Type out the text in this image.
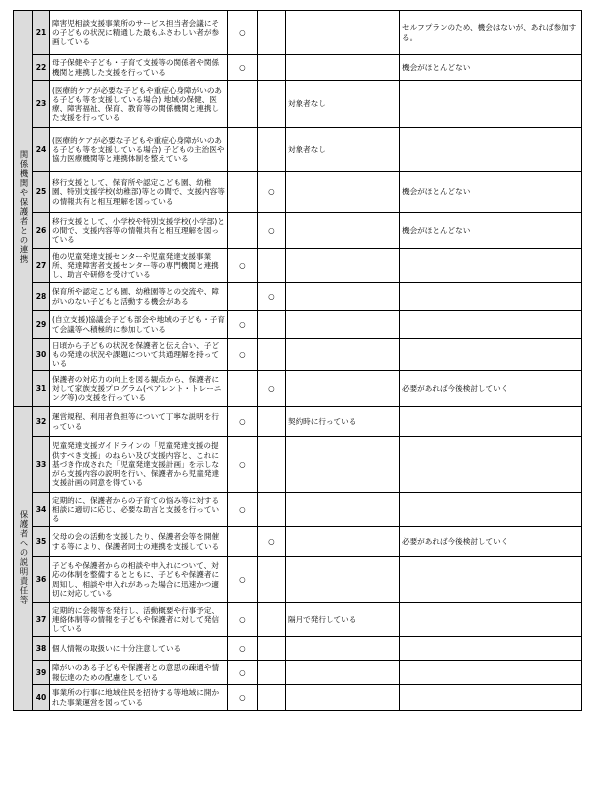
関係機関や保護者との連携	21	障害児相談支援事業所のサービス担当者会議にその子どもの状況に精通した最もふさわしい者が参画している	○			セルフプランのため、機会はないが、あれば参加する。
	22	母子保健や子ども・子育て支援等の関係者や関係機関と連携した支援を行っている	○			機会がほとんどない
	23	(医療的ケアが必要な子どもや重症心身障がいのある子ども等を支援している場合) 地域の保健、医療、障害福祉、保育、教育等の関係機関と連携した支援を行っている			対象者なし	
	24	(医療的ケアが必要な子どもや重症心身障がいのある子ども等を支援している場合) 子どもの主治医や協力医療機関等と連携体制を整えている			対象者なし	
	25	移行支援として、保育所や認定こども園、幼稚園、特別支援学校(幼稚部)等との間で、支援内容等の情報共有と相互理解を図っている		○		機会がほとんどない
	26	移行支援として、小学校や特別支援学校(小学部)との間で、支援内容等の情報共有と相互理解を図っている		○		機会がほとんどない
	27	他の児童発達支援センターや児童発達支援事業所、発達障害者支援センター等の専門機関と連携し、助言や研修を受けている	○			
	28	保育所や認定こども園、幼稚園等との交流や、障がいのない子どもと活動する機会がある		○		
	29	(自立支援)協議会子ども部会や地域の子ども・子育て会議等へ積極的に参加している	○			
	30	日頃から子どもの状況を保護者と伝え合い、子どもの発達の状況や課題について共通理解を持っている	○			
	31	保護者の対応力の向上を図る観点から、保護者に対して家族支援プログラム(ペアレント・トレーニング等)の支援を行っている		○		必要があれば今後検討していく
保護者への説明責任等	32	運営規程、利用者負担等について丁寧な説明を行っている	○		契約時に行っている	
	33	児童発達支援ガイドラインの「児童発達支援の提供すべき支援」のねらい及び支援内容と、これに基づき作成された「児童発達支援計画」を示しながら支援内容の説明を行い、保護者から児童発達支援計画の同意を得ている	○			
	34	定期的に、保護者からの子育ての悩み等に対する相談に適切に応じ、必要な助言と支援を行っている	○			
	35	父母の会の活動を支援したり、保護者会等を開催する等により、保護者同士の連携を支援している		○		必要があれば今後検討していく
	36	子どもや保護者からの相談や申入れについて、対応の体制を整備するとともに、子どもや保護者に周知し、相談や申入れがあった場合に迅速かつ適切に対応している	○			
	37	定期的に会報等を発行し、活動概要や行事予定、連絡体制等の情報を子どもや保護者に対して発信している	○		隔月で発行している	
	38	個人情報の取扱いに十分注意している	○			
	39	障がいのある子どもや保護者との意思の疎通や情報伝達のための配慮をしている	○			
	40	事業所の行事に地域住民を招待する等地域に開かれた事業運営を図っている	○			
